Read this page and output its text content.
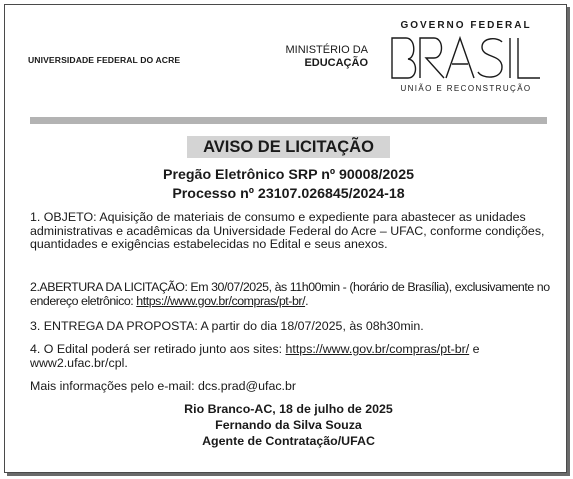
UNIVERSIDADE FEDERAL DO ACRE
MINISTÉRIO DA
EDUCAÇÃO
GOVERNO FEDERAL
BRASIL
UNIÃO E RECONSTRUÇÃO
AVISO DE LICITAÇÃO
Pregão Eletrônico SRP nº 90008/2025
Processo nº 23107.026845/2024-18
1. OBJETO: Aquisição de materiais de consumo e expediente para abastecer as unidades administrativas e acadêmicas da Universidade Federal do Acre – UFAC, conforme condições, quantidades e exigências estabelecidas no Edital e seus anexos.
2.ABERTURA DA LICITAÇÃO: Em 30/07/2025, às 11h00min - (horário de Brasília), exclusivamente no endereço eletrônico: https://www.gov.br/compras/pt-br/.
3. ENTREGA DA PROPOSTA: A partir do dia 18/07/2025, às 08h30min.
4. O Edital poderá ser retirado junto aos sites: https://www.gov.br/compras/pt-br/ e www2.ufac.br/cpl.
Mais informações pelo e-mail: dcs.prad@ufac.br
Rio Branco-AC, 18 de julho de 2025
Fernando da Silva Souza
Agente de Contratação/UFAC
